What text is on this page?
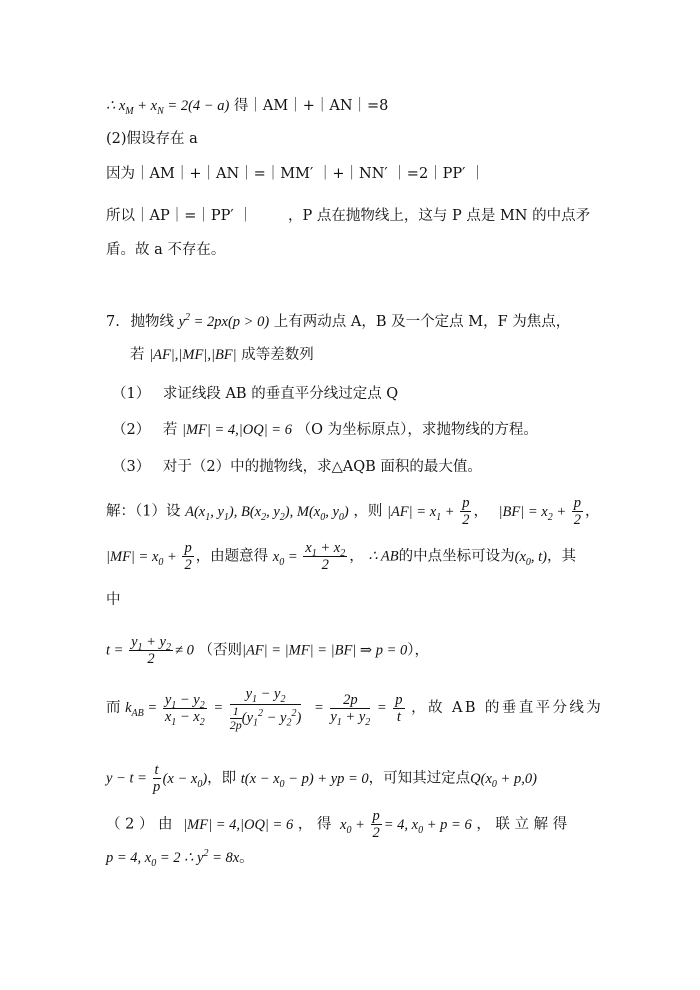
∴ $x_M + x_N = 2(4 - a)$ 得｜AM｜+｜AN｜=8
(2)假设存在 a
因为｜AM｜+｜AN｜=｜MM′ ｜+｜NN′ ｜=2｜PP′ ｜
所以｜AP｜=｜PP′ ｜ ，P 点在抛物线上，这与 P 点是 MN 的中点矛
盾。故 a 不存在。
7. 抛物线 $y^2 = 2px(p > 0)$ 上有两动点 A，B 及一个定点 M，F 为焦点，
若 |AF|,|MF|,|BF| 成等差数列
（1） 求证线段 AB 的垂直平分线过定点 Q
（2） 若 |MF| = 4,|OQ| = 6 （O 为坐标原点），求抛物线的方程。
（3） 对于（2）中的抛物线，求△AQB 面积的最大值。
解：（1）设 $A(x_1$, $y_1$), $B(x_2$, $y_2$), $M(x_0$, $y_0$) ，则 $|AF| = x_1 + \frac{p}{2}$ ， $|BF| = x_2 + \frac{p}{2}$ ，
$|MF| = x_0 + \frac{p}{2}$ ，由题意得 $x_0 = \frac{x_1 + x_2}{2}$ ， ∴ AB的中点坐标可设为($x_0$, t)，其
中
$t = \frac{y_1 + y_2}{2} \ne 0$ （否则|AF| = |MF| = |BF| ⇒ p = 0），
而 $k_{AB} = \frac{y_1 - y_2}{x_1 - x_2} = \frac{y_1 - y_2}{\frac{1}{2p} (y_1^2 - y_2^2)} = \frac{2p}{y_1 + y_2} = \frac{p}{t}$ ，故 AB 的垂直平分线为
$y - t = \frac{t}{p} (x - x_0)$，即 $t(x - x_0 - p)$ + yp = 0，可知其过定点$Q(x_0 + p,0)$
（ 2 ） 由 |MF| = 4,|OQ| = 6 ， 得 $x_0 + \frac{p}{2} = 4$, $x_0 + p = 6$ ， 联 立 解 得
p = 4, $x_0 = 2$ ∴ $y^2 = 8x$。
